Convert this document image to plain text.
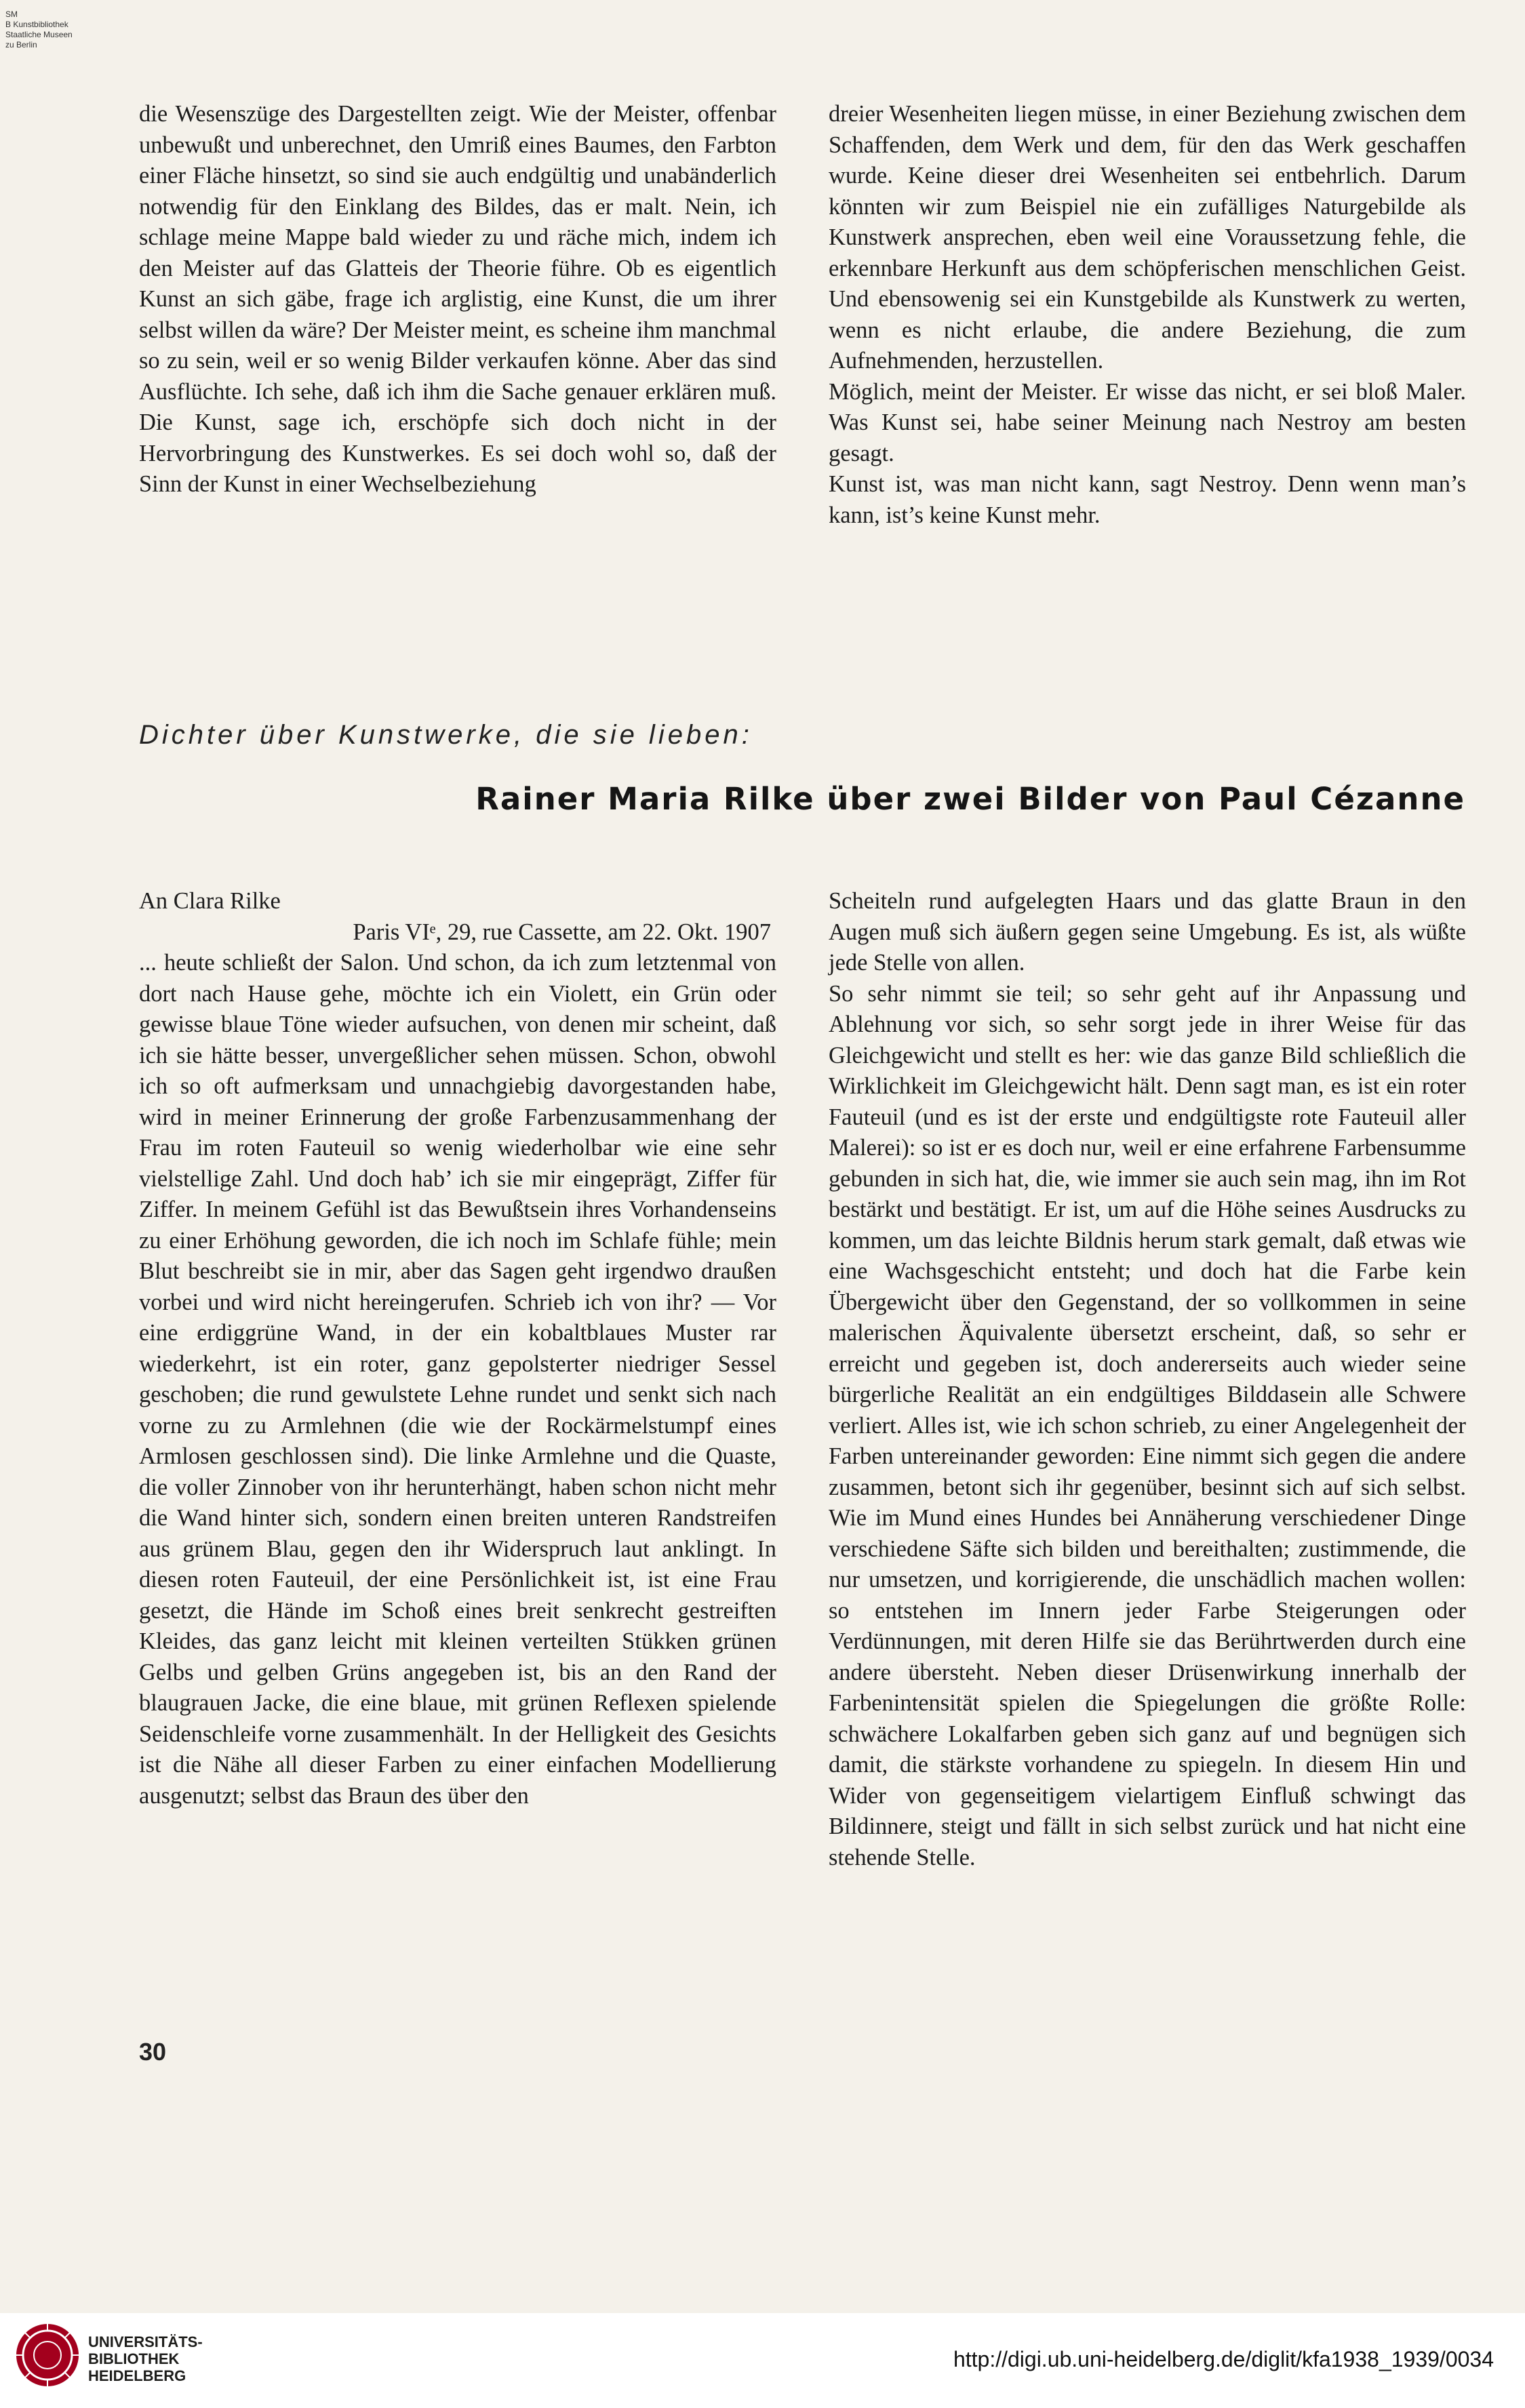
SM
B Kunstbibliothek
Staatliche Museen
zu Berlin

die Wesenszüge des Dargestellten zeigt. Wie der Meister, offenbar unbewußt und unberechnet, den Umriß eines Baumes, den Farbton einer Fläche hinsetzt, so sind sie auch endgültig und unabänderlich notwendig für den Einklang des Bildes, das er malt. Nein, ich schlage meine Mappe bald wieder zu und räche mich, indem ich den Meister auf das Glatteis der Theorie führe. Ob es eigentlich Kunst an sich gäbe, frage ich arglistig, eine Kunst, die um ihrer selbst willen da wäre? Der Meister meint, es scheine ihm manchmal so zu sein, weil er so wenig Bilder verkaufen könne. Aber das sind Ausflüchte. Ich sehe, daß ich ihm die Sache genauer erklären muß. Die Kunst, sage ich, erschöpfe sich doch nicht in der Hervorbringung des Kunstwerkes. Es sei doch wohl so, daß der Sinn der Kunst in einer Wechselbeziehung

dreier Wesenheiten liegen müsse, in einer Beziehung zwischen dem Schaffenden, dem Werk und dem, für den das Werk geschaffen wurde. Keine dieser drei Wesenheiten sei entbehrlich. Darum könnten wir zum Beispiel nie ein zufälliges Naturgebilde als Kunstwerk ansprechen, eben weil eine Voraussetzung fehle, die erkennbare Herkunft aus dem schöpferischen menschlichen Geist. Und ebensowenig sei ein Kunstgebilde als Kunstwerk zu werten, wenn es nicht erlaube, die andere Beziehung, die zum Aufnehmenden, herzustellen.

Möglich, meint der Meister. Er wisse das nicht, er sei bloß Maler. Was Kunst sei, habe seiner Meinung nach Nestroy am besten gesagt.

Kunst ist, was man nicht kann, sagt Nestroy. Denn wenn man’s kann, ist’s keine Kunst mehr.

Dichter über Kunstwerke, die sie lieben:
Rainer Maria Rilke über zwei Bilder von Paul Cézanne

An Clara Rilke

Paris VIᵉ, 29, rue Cassette, am 22. Okt. 1907

... heute schließt der Salon. Und schon, da ich zum letztenmal von dort nach Hause gehe, möchte ich ein Violett, ein Grün oder gewisse blaue Töne wieder aufsuchen, von denen mir scheint, daß ich sie hätte besser, unvergeßlicher sehen müssen. Schon, obwohl ich so oft aufmerksam und unnachgiebig davorgestanden habe, wird in meiner Erinnerung der große Farbenzusammenhang der Frau im roten Fauteuil so wenig wiederholbar wie eine sehr vielstellige Zahl. Und doch hab’ ich sie mir eingeprägt, Ziffer für Ziffer. In meinem Gefühl ist das Bewußtsein ihres Vorhandenseins zu einer Erhöhung geworden, die ich noch im Schlafe fühle; mein Blut beschreibt sie in mir, aber das Sagen geht irgendwo draußen vorbei und wird nicht hereingerufen. Schrieb ich von ihr? — Vor eine erdiggrüne Wand, in der ein kobaltblaues Muster rar wiederkehrt, ist ein roter, ganz gepolsterter niedriger Sessel geschoben; die rund gewulstete Lehne rundet und senkt sich nach vorne zu zu Armlehnen (die wie der Rockärmelstumpf eines Armlosen geschlossen sind). Die linke Armlehne und die Quaste, die voller Zinnober von ihr herunterhängt, haben schon nicht mehr die Wand hinter sich, sondern einen breiten unteren Randstreifen aus grünem Blau, gegen den ihr Widerspruch laut anklingt. In diesen roten Fauteuil, der eine Persönlichkeit ist, ist eine Frau gesetzt, die Hände im Schoß eines breit senkrecht gestreiften Kleides, das ganz leicht mit kleinen verteilten Stükken grünen Gelbs und gelben Grüns angegeben ist, bis an den Rand der blaugrauen Jacke, die eine blaue, mit grünen Reflexen spielende Seidenschleife vorne zusammenhält. In der Helligkeit des Gesichts ist die Nähe all dieser Farben zu einer einfachen Modellierung ausgenutzt; selbst das Braun des über den

Scheiteln rund aufgelegten Haars und das glatte Braun in den Augen muß sich äußern gegen seine Umgebung. Es ist, als wüßte jede Stelle von allen.

So sehr nimmt sie teil; so sehr geht auf ihr Anpassung und Ablehnung vor sich, so sehr sorgt jede in ihrer Weise für das Gleichgewicht und stellt es her: wie das ganze Bild schließlich die Wirklichkeit im Gleichgewicht hält. Denn sagt man, es ist ein roter Fauteuil (und es ist der erste und endgültigste rote Fauteuil aller Malerei): so ist er es doch nur, weil er eine erfahrene Farbensumme gebunden in sich hat, die, wie immer sie auch sein mag, ihn im Rot bestärkt und bestätigt. Er ist, um auf die Höhe seines Ausdrucks zu kommen, um das leichte Bildnis herum stark gemalt, daß etwas wie eine Wachsgeschicht entsteht; und doch hat die Farbe kein Übergewicht über den Gegenstand, der so vollkommen in seine malerischen Äquivalente übersetzt erscheint, daß, so sehr er erreicht und gegeben ist, doch andererseits auch wieder seine bürgerliche Realität an ein endgültiges Bilddasein alle Schwere verliert. Alles ist, wie ich schon schrieb, zu einer Angelegenheit der Farben untereinander geworden: Eine nimmt sich gegen die andere zusammen, betont sich ihr gegenüber, besinnt sich auf sich selbst. Wie im Mund eines Hundes bei Annäherung verschiedener Dinge verschiedene Säfte sich bilden und bereithalten; zustimmende, die nur umsetzen, und korrigierende, die unschädlich machen wollen: so entstehen im Innern jeder Farbe Steigerungen oder Verdünnungen, mit deren Hilfe sie das Berührtwerden durch eine andere übersteht. Neben dieser Drüsenwirkung innerhalb der Farbenintensität spielen die Spiegelungen die größte Rolle: schwächere Lokalfarben geben sich ganz auf und begnügen sich damit, die stärkste vorhandene zu spiegeln. In diesem Hin und Wider von gegenseitigem vielartigem Einfluß schwingt das Bildinnere, steigt und fällt in sich selbst zurück und hat nicht eine stehende Stelle.

30
UNIVERSITÄTS-
BIBLIOTHEK
HEIDELBERG
http://digi.ub.uni-heidelberg.de/diglit/kfa1938_1939/0034
